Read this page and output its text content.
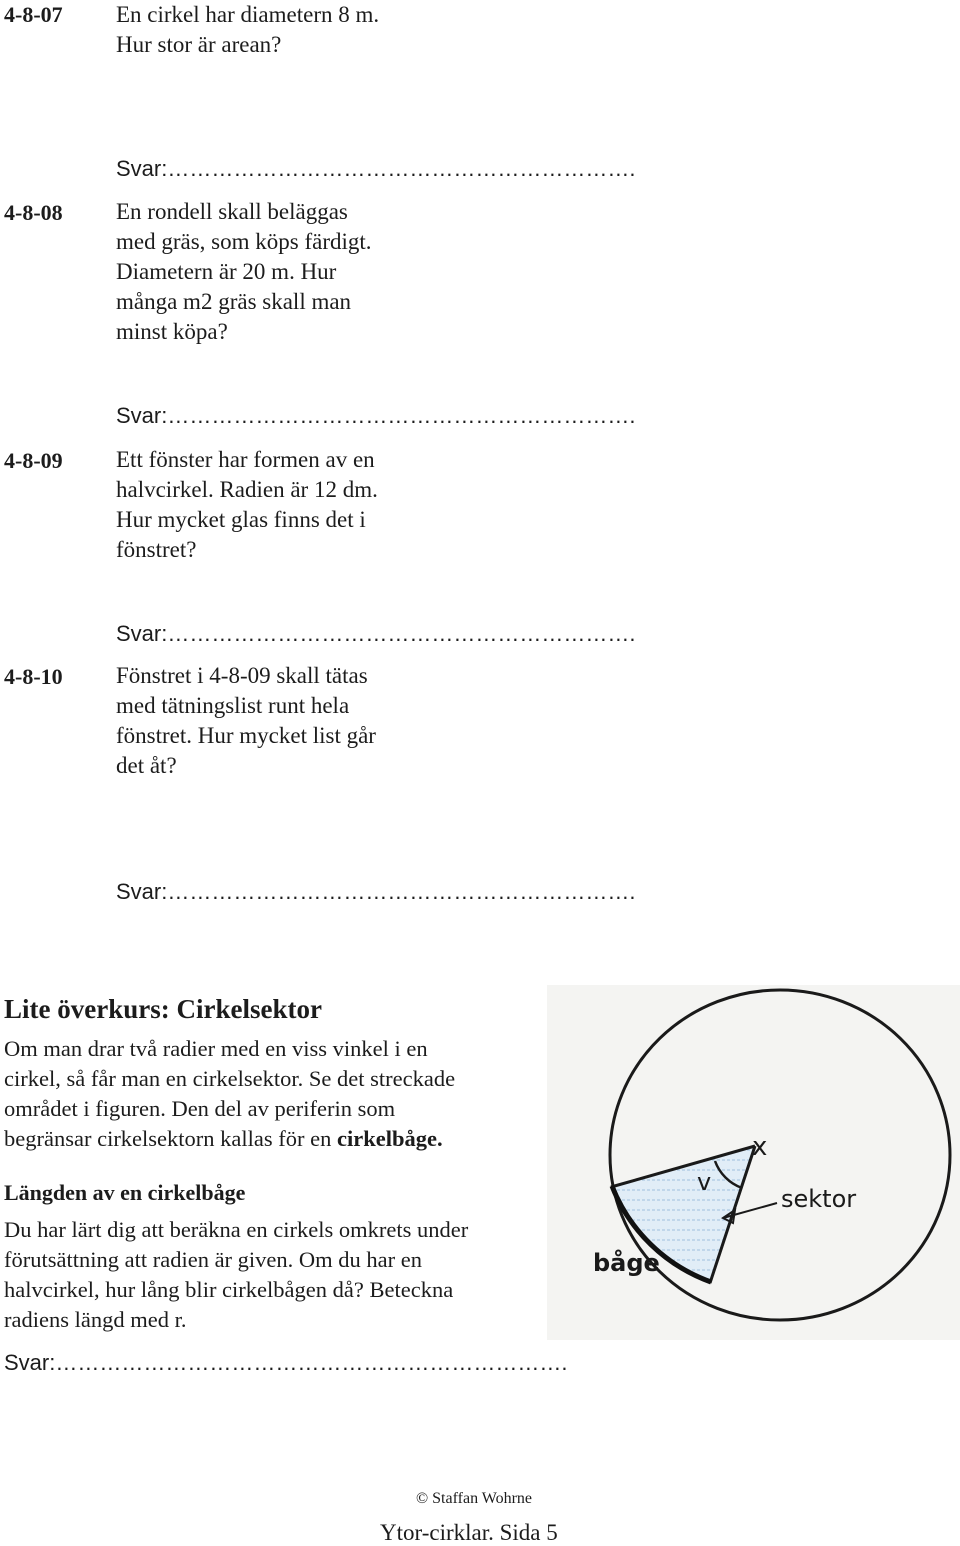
4-8-07 En cirkel har diametern 8 m.
Hur stor är arean?
Svar:……………………………………………………….
4-8-08 En rondell skall beläggas
med gräs, som köps färdigt.
Diametern är 20 m. Hur
många m2 gräs skall man
minst köpa?
Svar:……………………………………………………….
4-8-09 Ett fönster har formen av en
halvcirkel. Radien är 12 dm.
Hur mycket glas finns det i
fönstret?
Svar:……………………………………………………….
4-8-10 Fönstret i 4-8-09 skall tätas
med tätningslist runt hela
fönstret. Hur mycket list går
det åt?
Svar:……………………………………………………….
Lite överkurs: Cirkelsektor
Om man drar två radier med en viss vinkel i en
cirkel, så får man en cirkelsektor. Se det streckade
området i figuren. Den del av periferin som
begränsar cirkelsektorn kallas för en cirkelbåge.
Längden av en cirkelbåge
Du har lärt dig att beräkna en cirkels omkrets under
förutsättning att radien är given. Om du har en
halvcirkel, hur lång blir cirkelbågen då? Beteckna
radiens längd med r.
Svar:…………………………………………………………….
x
v
sektor
båge
© Staffan Wohrne
Ytor-cirklar. Sida 5
